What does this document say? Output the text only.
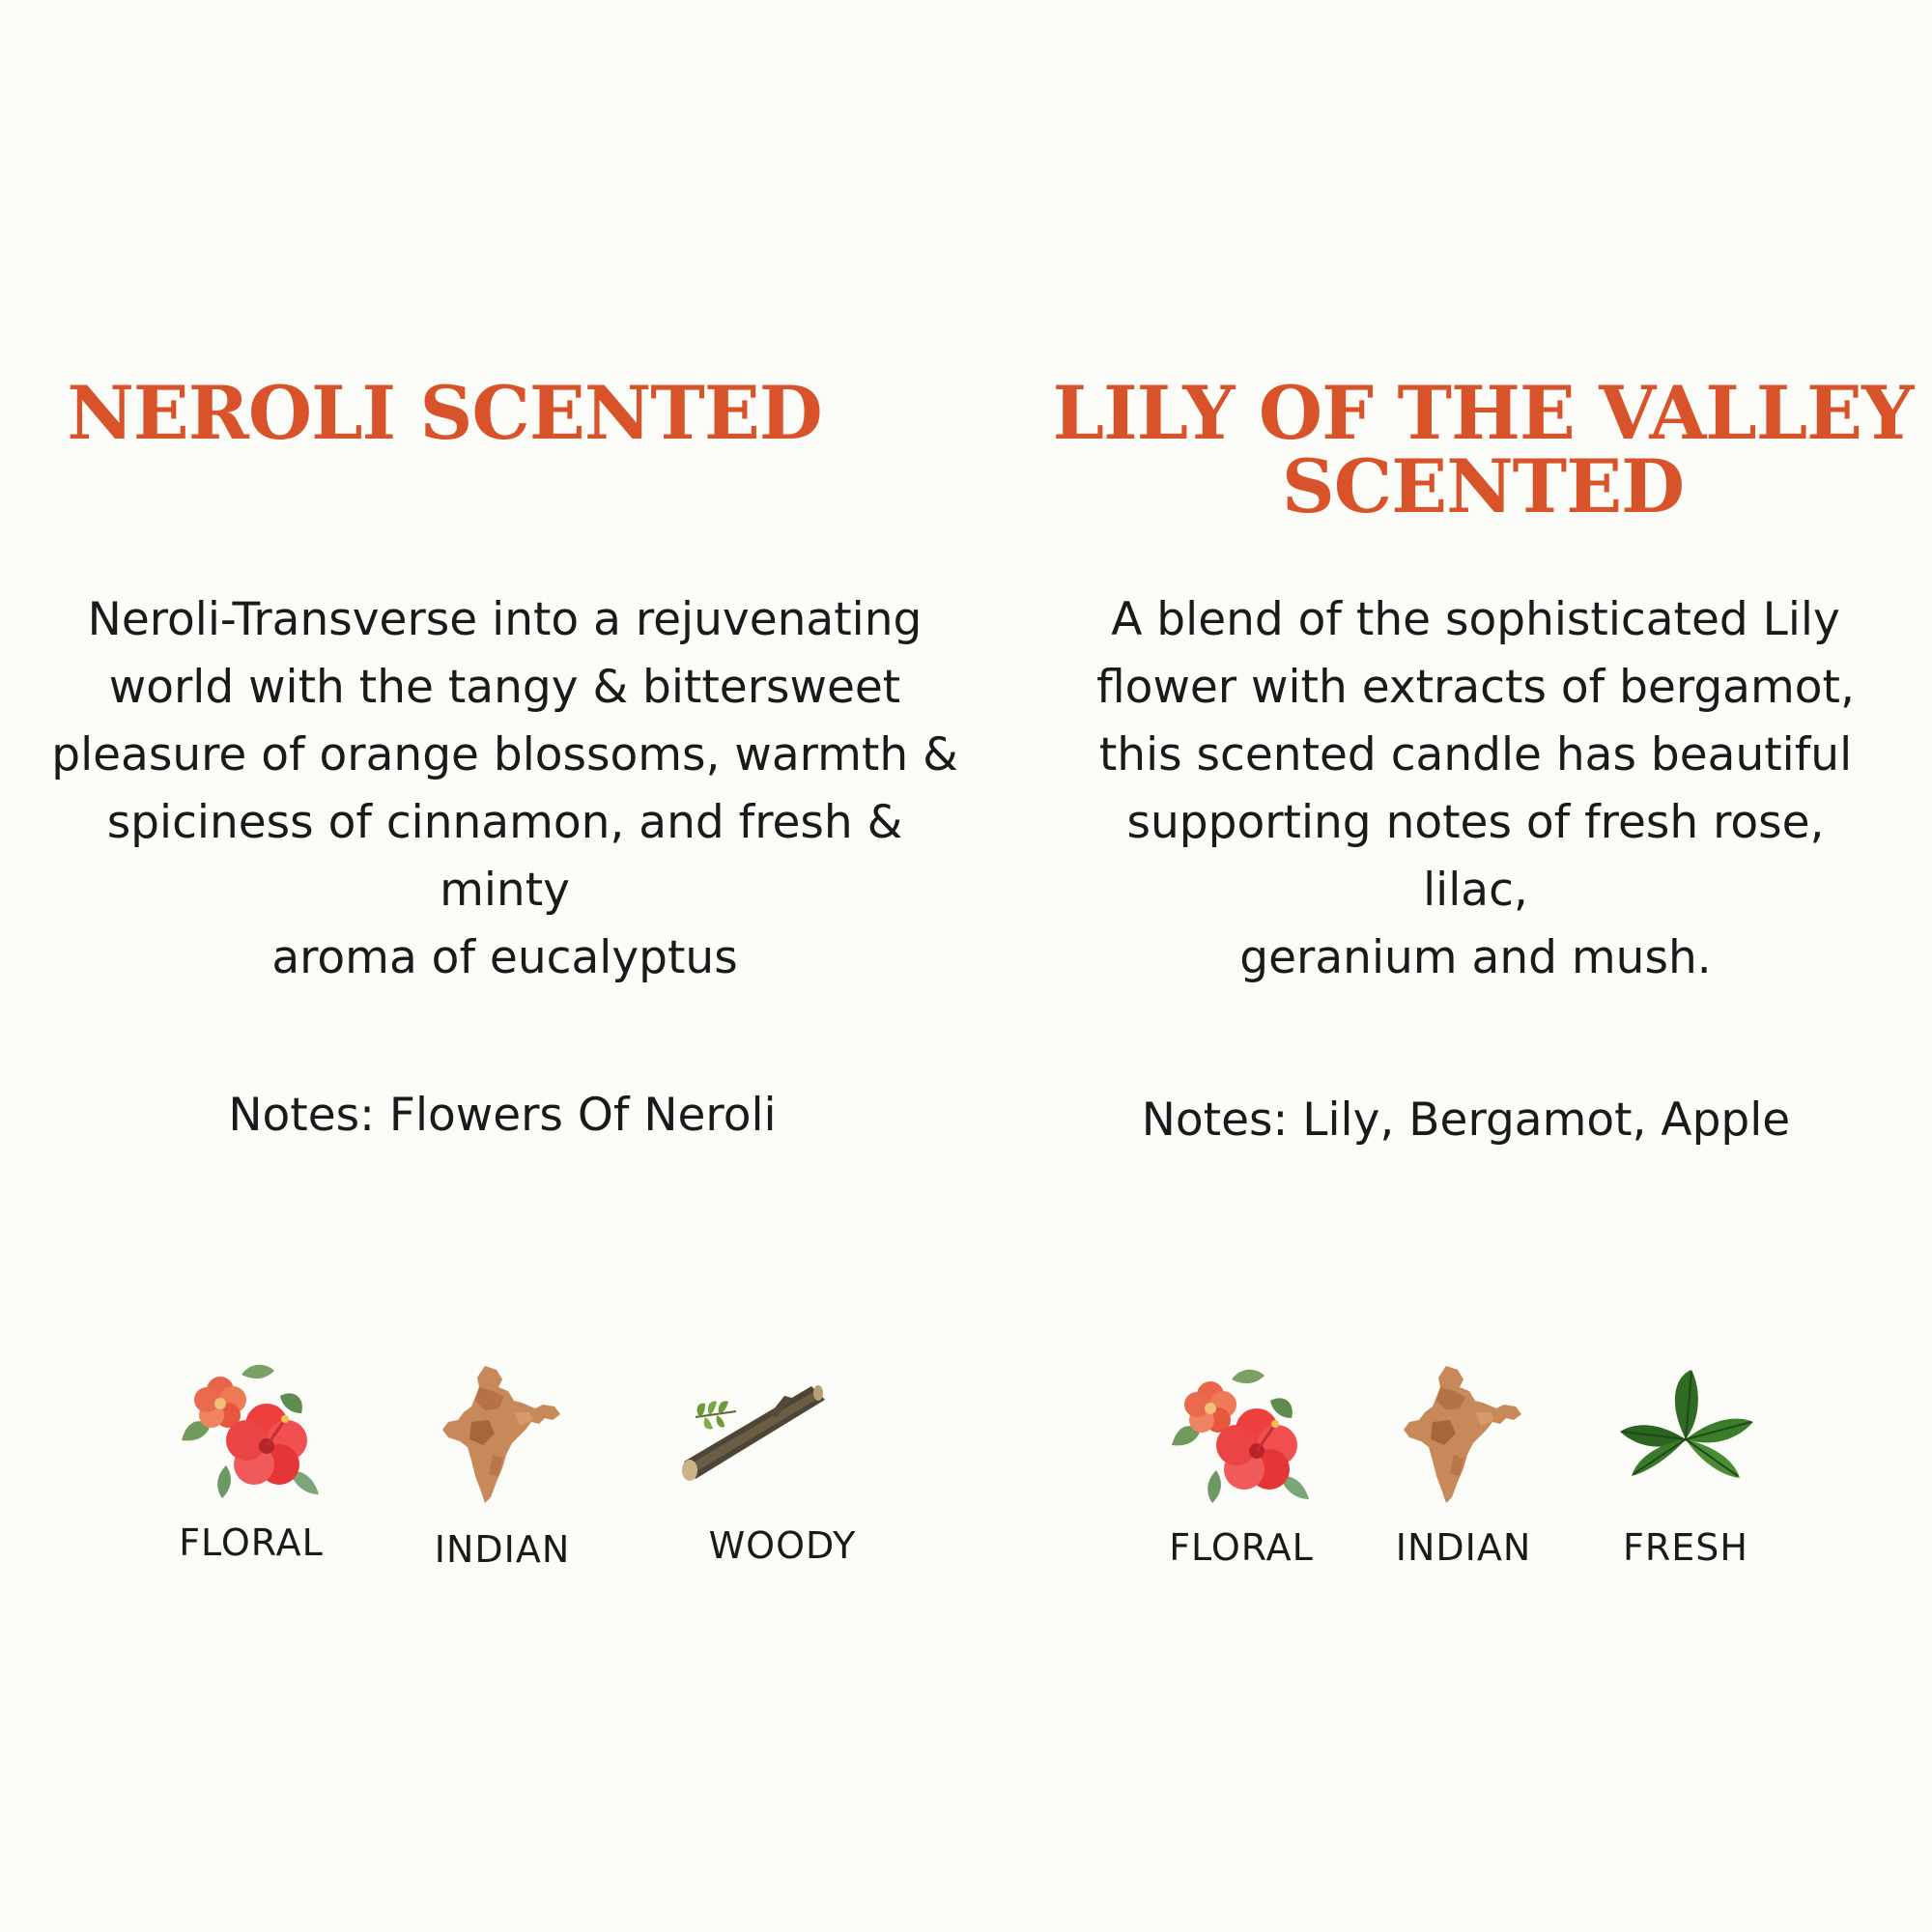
NEROLI SCENTED
Neroli-Transverse into a rejuvenating
world with the tangy & bittersweet
pleasure of orange blossoms, warmth &
spiciness of cinnamon, and fresh & minty
aroma of eucalyptus
Notes: Flowers Of Neroli
FLORAL	INDIAN	WOODY
LILY OF THE VALLEY
SCENTED
A blend of the sophisticated Lily
flower with extracts of bergamot,
this scented candle has beautiful
supporting notes of fresh rose, lilac,
geranium and mush.
Notes: Lily, Bergamot, Apple
FLORAL	INDIAN	FRESH
